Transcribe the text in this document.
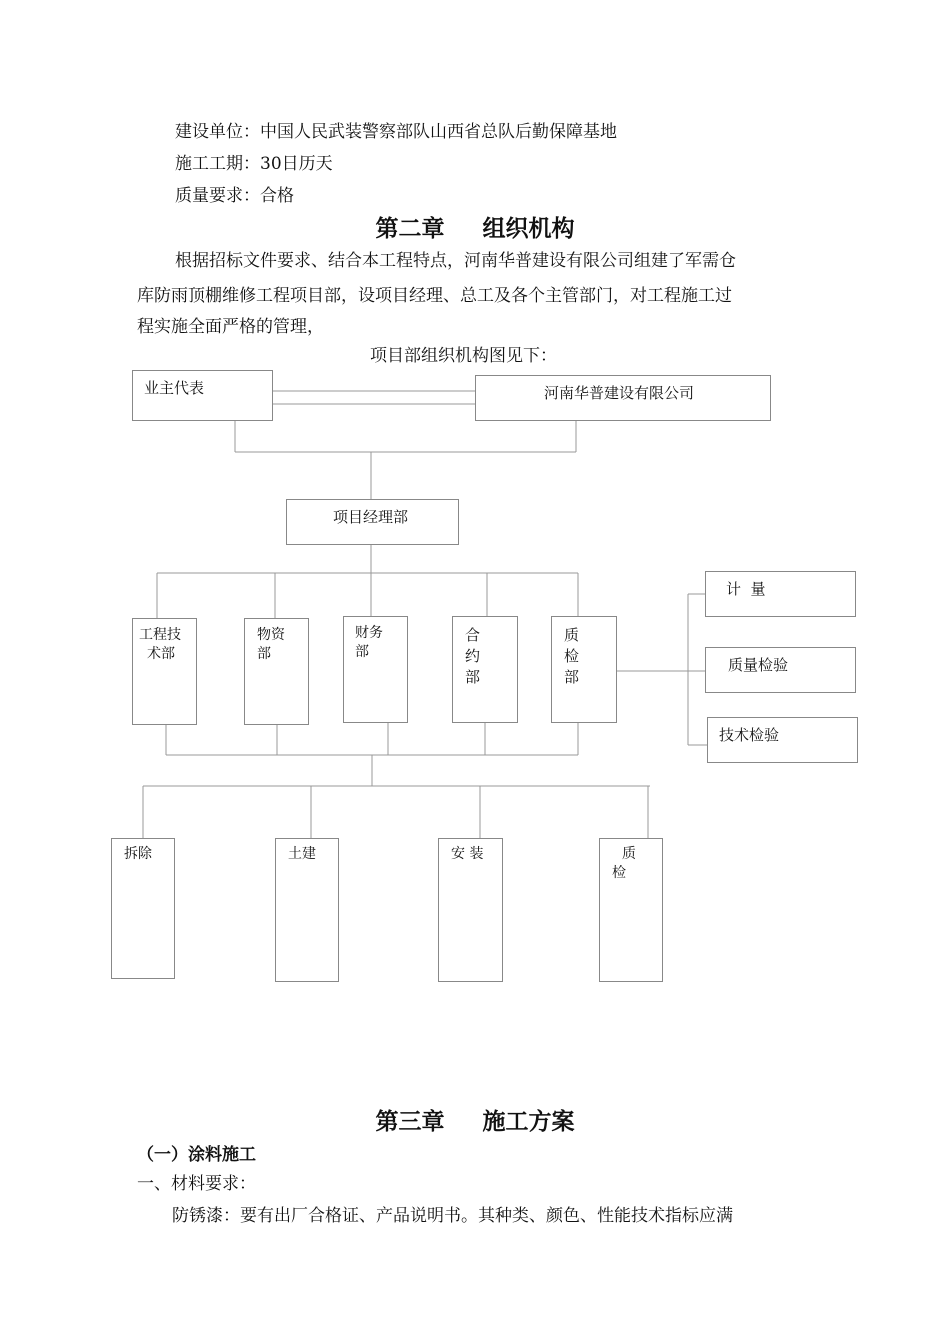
建设单位：中国人民武装警察部队山西省总队后勤保障基地
施工工期：30日历天
质量要求：合格
第二章 组织机构
根据招标文件要求、结合本工程特点，河南华普建设有限公司组建了军需仓
库防雨顶棚维修工程项目部，设项目经理、总工及各个主管部门，对工程施工过
程实施全面严格的管理，
项目部组织机构图见下：
业主代表	河南华普建设有限公司
项目经理部
工程技
术部
物资
部
财务
部
合
约
部
质
检
部
计  量
质量检验
技术检验
拆除	土建	安 装	质
检
第三章 施工方案
（一）涂料施工
一、材料要求：
防锈漆：要有出厂合格证、产品说明书。其种类、颜色、性能技术指标应满
